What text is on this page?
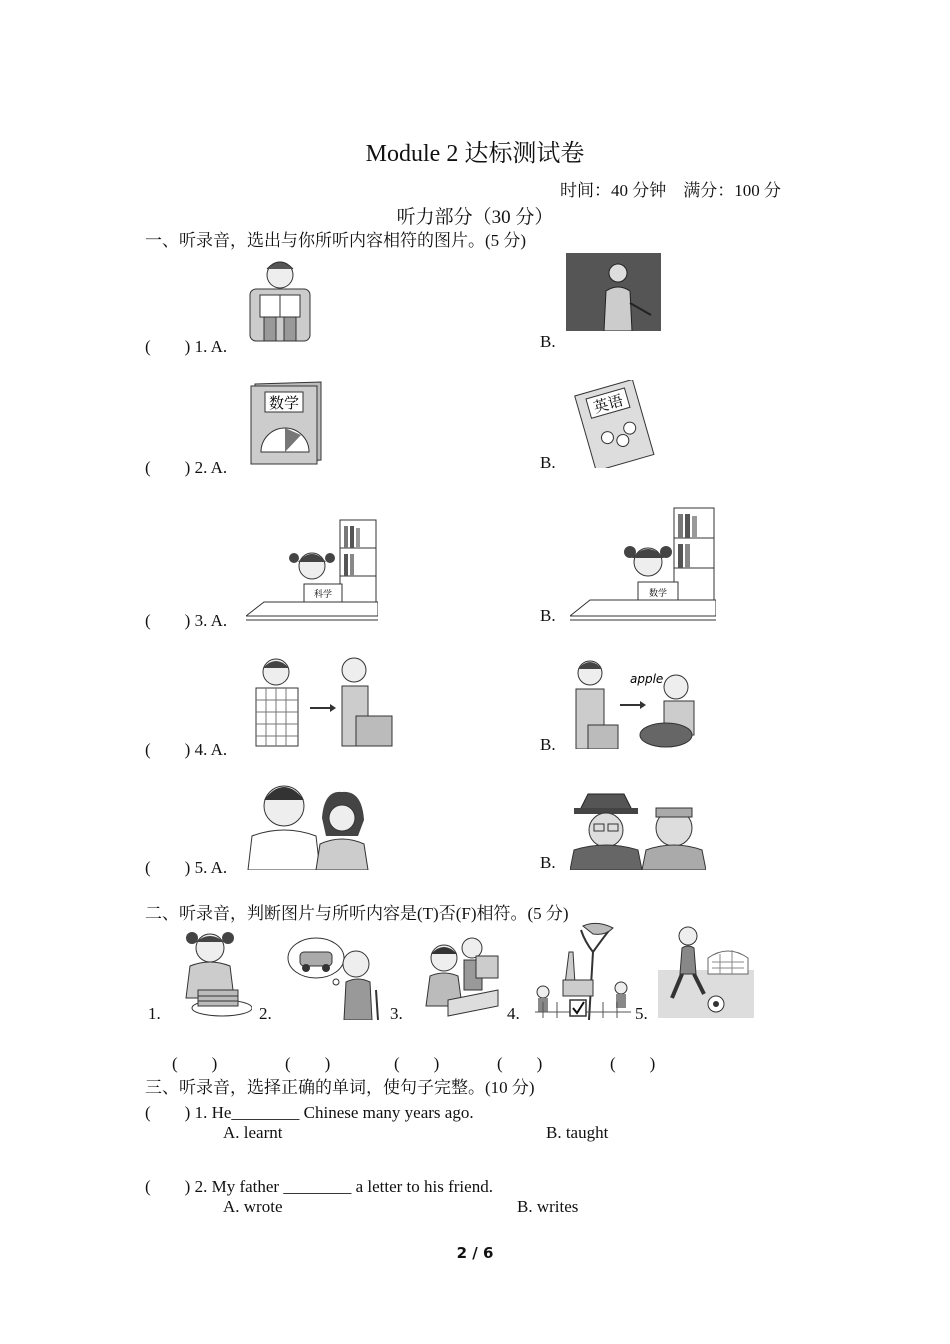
Module 2 达标测试卷
时间：40 分钟　满分：100 分
听力部分（30 分）
一、听录音，选出与你所听内容相符的图片。(5 分)
(　　) 1. A.	B.
(　　) 2. A.
数学
B.
英语
(　　) 3. A.
科学
B.
数学
(　　) 4. A.	B.
apple
(　　) 5. A.	B.
二、听录音，判断图片与所听内容是(T)否(F)相符。(5 分)
1.	2.	3.	4.	5.
(　　)	(　　)	(　　)	(　　)	(　　)
三、听录音，选择正确的单词，使句子完整。(10 分)
(　　) 1. He________ Chinese many years ago.
A. learnt	B. taught
(　　) 2. My father ________ a letter to his friend.
A. wrote	B. writes
2 / 6
